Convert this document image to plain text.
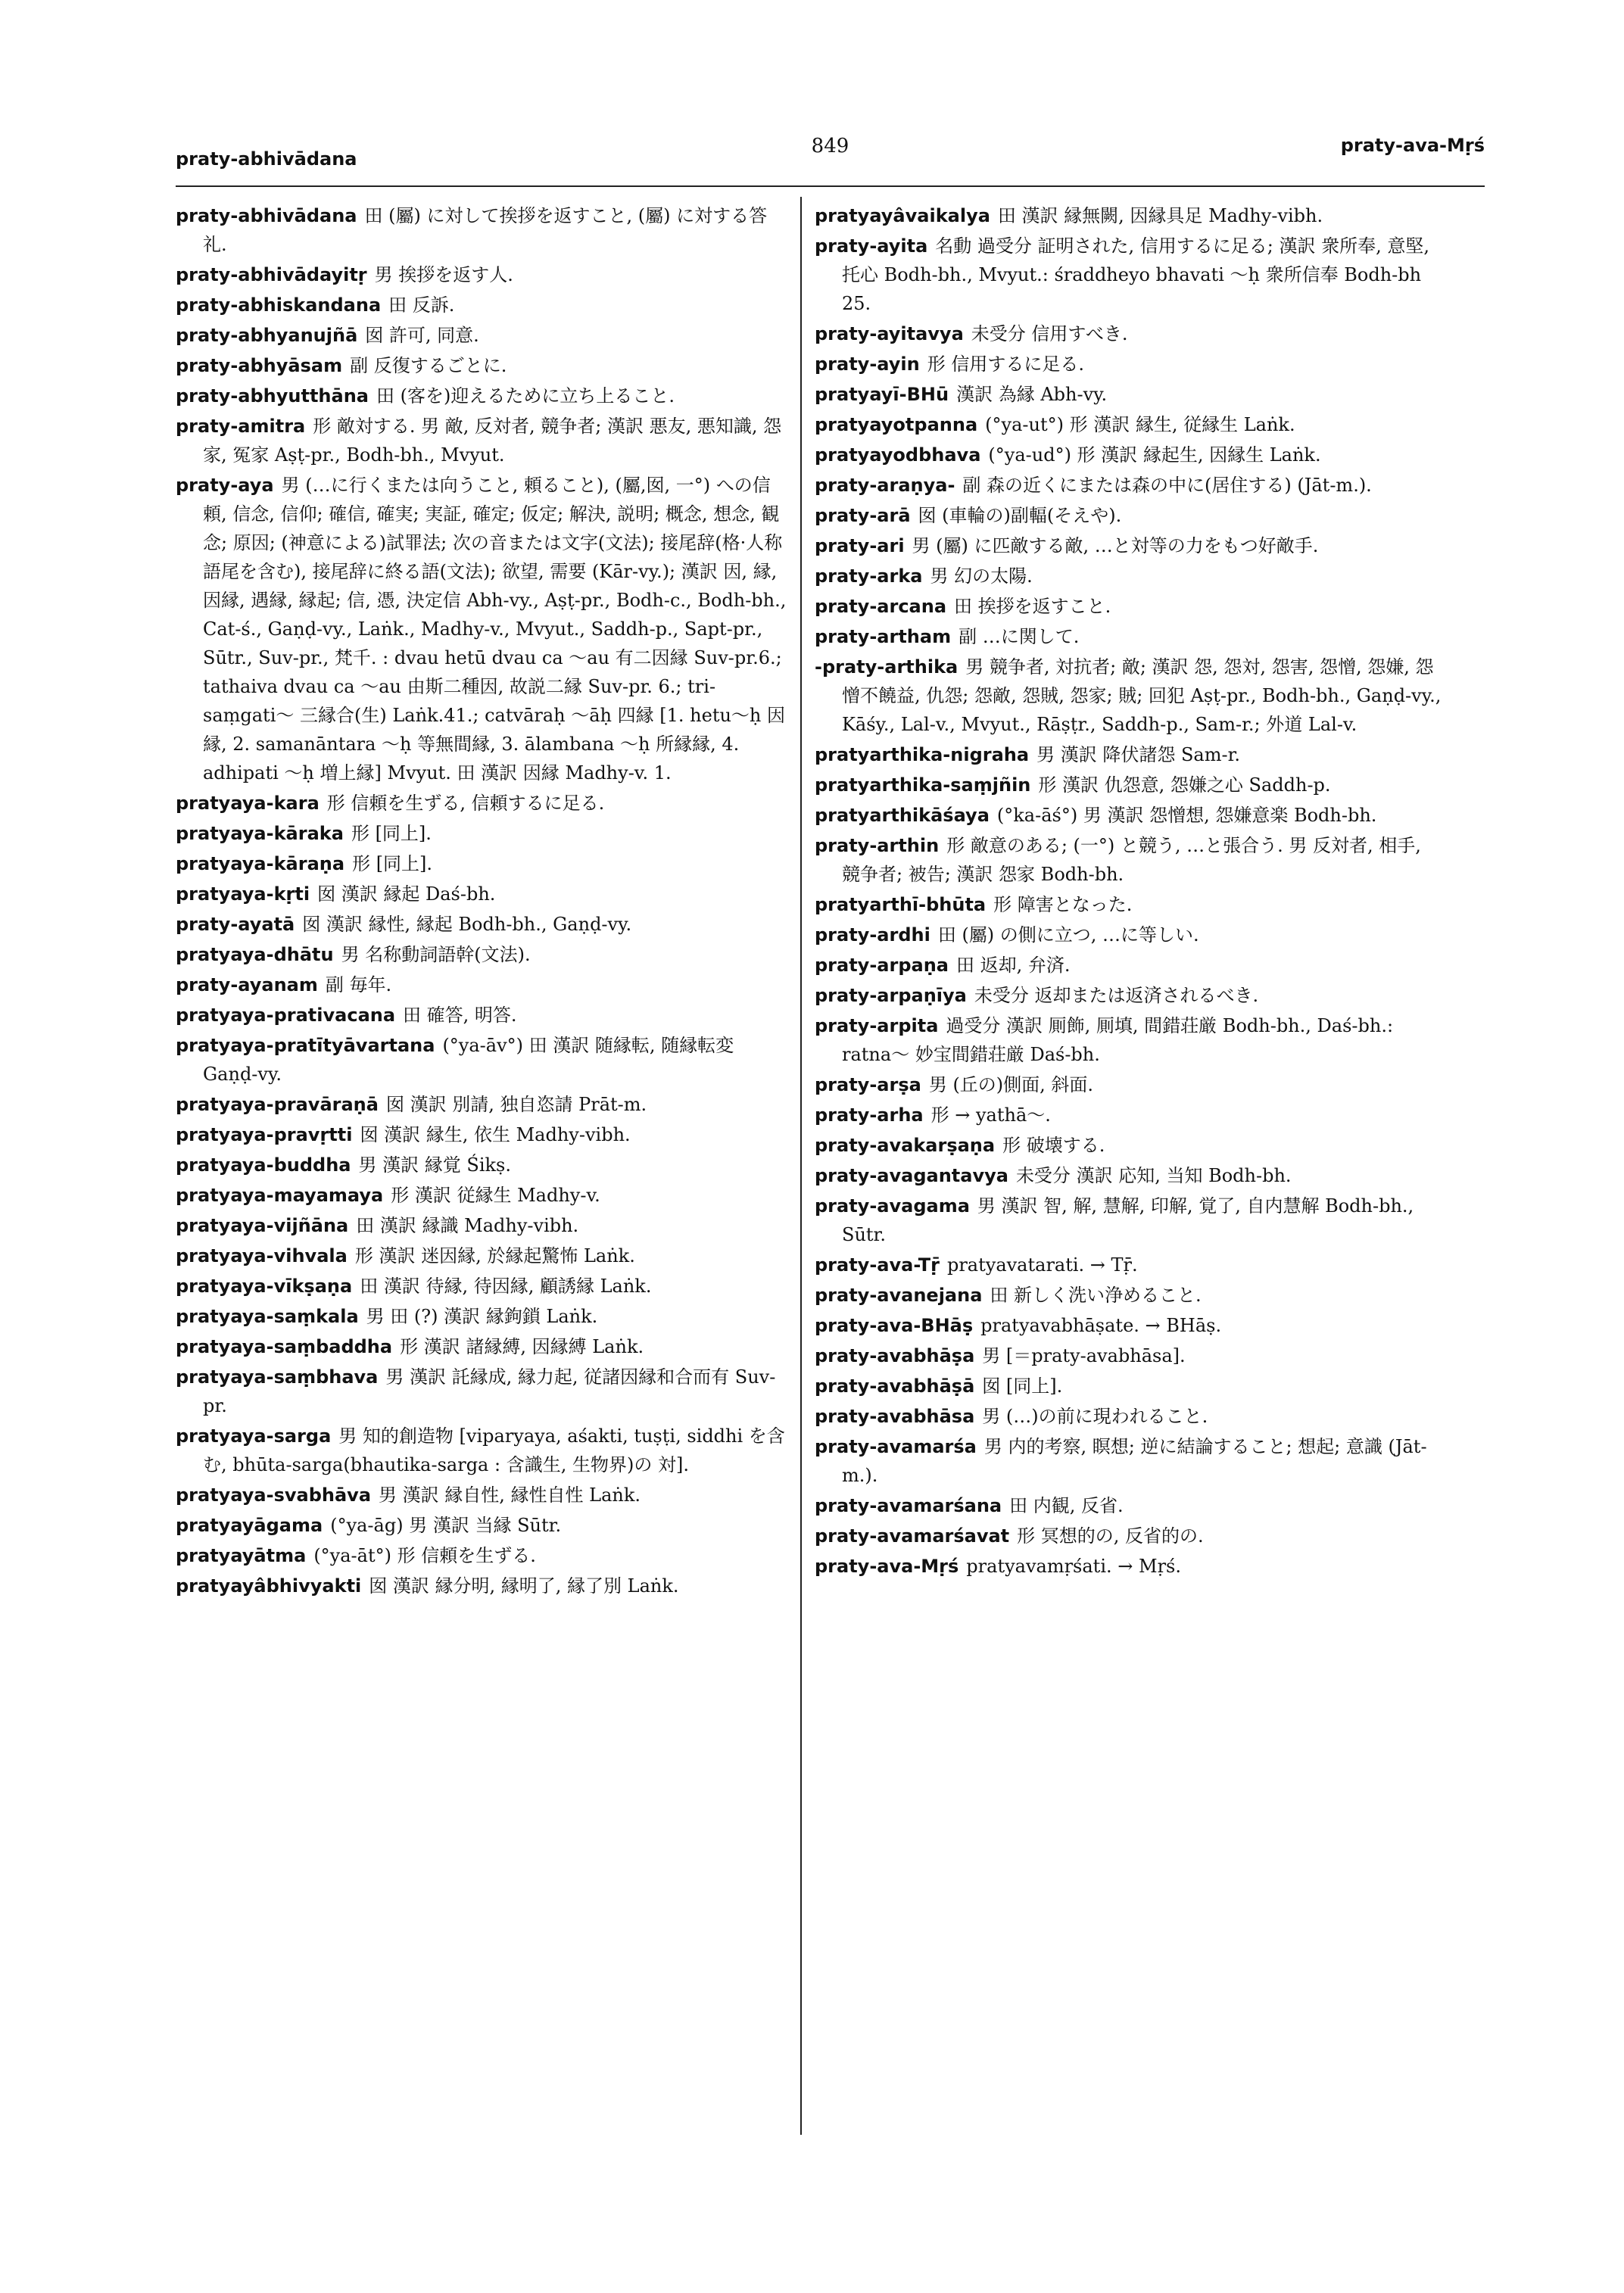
praty-abhivādana
849	praty-ava-Mṛś
praty-abhivādana 田 (屬) に対して挨拶を返すこと, (屬) に対する答礼.
praty-abhivādayitṛ 男 挨拶を返す人.
praty-abhiskandana 田 反訴.
praty-abhyanujñā 囡 許可, 同意.
praty-abhyāsam 副 反復するごとに.
praty-abhyutthāna 田 (客を)迎えるために立ち上ること.
praty-amitra 形 敵対する. 男 敵, 反対者, 競争者; 漢訳 悪友, 悪知識, 怨家, 冤家 Aṣṭ-pr., Bodh-bh., Mvyut.
praty-aya 男 (…に行くまたは向うこと, 頼ること), (屬,囡, 一°) への信頼, 信念, 信仰; 確信, 確実; 実証, 確定; 仮定; 解決, 説明; 概念, 想念, 観念; 原因; (神意による)試罪法; 次の音または文字(文法); 接尾辞(格·人称語尾を含む), 接尾辞に終る語(文法); 欲望, 需要 (Kār-vy.); 漢訳 因, 縁, 因縁, 遇縁, 縁起; 信, 憑, 決定信 Abh-vy., Aṣṭ-pr., Bodh-c., Bodh-bh., Cat-ś., Gaṇḍ-vy., Laṅk., Madhy-v., Mvyut., Saddh-p., Sapt-pr., Sūtr., Suv-pr., 梵千. : dvau hetū dvau ca ～au 有二因縁 Suv-pr.6.; tathaiva dvau ca ～au 由斯二種因, 故説二縁 Suv-pr. 6.; tri-saṃgati～ 三縁合(生) Laṅk.41.; catvāraḥ ～āḥ 四縁 [1. hetu～ḥ 因縁, 2. samanāntara ～ḥ 等無間縁, 3. ālambana ～ḥ 所縁縁, 4. adhipati ～ḥ 増上縁] Mvyut. 田 漢訳 因縁 Madhy-v. 1.
pratyaya-kara 形 信頼を生ずる, 信頼するに足る.
pratyaya-kāraka 形 [同上].
pratyaya-kāraṇa 形 [同上].
pratyaya-kṛti 囡 漢訳 縁起 Daś-bh.
praty-ayatā 囡 漢訳 縁性, 縁起 Bodh-bh., Gaṇḍ-vy.
pratyaya-dhātu 男 名称動詞語幹(文法).
praty-ayanam 副 毎年.
pratyaya-prativacana 田 確答, 明答.
pratyaya-pratītyāvartana (°ya-āv°) 田 漢訳 随縁転, 随縁転変 Gaṇḍ-vy.
pratyaya-pravāraṇā 囡 漢訳 別請, 独自恣請 Prāt-m.
pratyaya-pravṛtti 囡 漢訳 縁生, 依生 Madhy-vibh.
pratyaya-buddha 男 漢訳 縁覚 Śikṣ.
pratyaya-mayamaya 形 漢訳 従縁生 Madhy-v.
pratyaya-vijñāna 田 漢訳 縁識 Madhy-vibh.
pratyaya-vihvala 形 漢訳 迷因縁, 於縁起驚怖 Laṅk.
pratyaya-vīkṣaṇa 田 漢訳 待縁, 待因縁, 顧誘縁 Laṅk.
pratyaya-saṃkala 男 田 (?) 漢訳 縁鉤鎖 Laṅk.
pratyaya-saṃbaddha 形 漢訳 諸縁縛, 因縁縛 Laṅk.
pratyaya-saṃbhava 男 漢訳 託縁成, 縁力起, 従諸因縁和合而有 Suv-pr.
pratyaya-sarga 男 知的創造物 [viparyaya, aśakti, tuṣṭi, siddhi を含む, bhūta-sarga(bhautika-sarga : 含識生, 生物界)の 対].
pratyaya-svabhāva 男 漢訳 縁自性, 縁性自性 Laṅk.
pratyayāgama (°ya-āg) 男 漢訳 当縁 Sūtr.
pratyayātma (°ya-āt°) 形 信頼を生ずる.
pratyayâbhivyakti 囡 漢訳 縁分明, 縁明了, 縁了別 Laṅk.
pratyayâvaikalya 田 漢訳 縁無闕, 因縁具足 Madhy-vibh.
praty-ayita 名動 過受分 証明された, 信用するに足る; 漢訳 衆所奉, 意堅, 托心 Bodh-bh., Mvyut.: śraddheyo bhavati ～ḥ 衆所信奉 Bodh-bh 25.
praty-ayitavya 未受分 信用すべき.
praty-ayin 形 信用するに足る.
pratyayī-BHū 漢訳 為縁 Abh-vy.
pratyayotpanna (°ya-ut°) 形 漢訳 縁生, 従縁生 Laṅk.
pratyayodbhava (°ya-ud°) 形 漢訳 縁起生, 因縁生 Laṅk.
praty-araṇya- 副 森の近くにまたは森の中に(居住する) (Jāt-m.).
praty-arā 囡 (車輪の)副輻(そえや).
praty-ari 男 (屬) に匹敵する敵, …と対等の力をもつ好敵手.
praty-arka 男 幻の太陽.
praty-arcana 田 挨拶を返すこと.
praty-artham 副 …に関して.
-praty-arthika 男 競争者, 対抗者; 敵; 漢訳 怨, 怨対, 怨害, 怨憎, 怨嫌, 怨憎不饒益, 仇怨; 怨敵, 怨賊, 怨家; 賊; 回犯 Aṣṭ-pr., Bodh-bh., Gaṇḍ-vy., Kāśy., Lal-v., Mvyut., Rāṣṭr., Saddh-p., Sam-r.; 外道 Lal-v.
pratyarthika-nigraha 男 漢訳 降伏諸怨 Sam-r.
pratyarthika-saṃjñin 形 漢訳 仇怨意, 怨嫌之心 Saddh-p.
pratyarthikāśaya (°ka-āś°) 男 漢訳 怨憎想, 怨嫌意楽 Bodh-bh.
praty-arthin 形 敵意のある; (一°) と競う, …と張合う. 男 反対者, 相手, 競争者; 被告; 漢訳 怨家 Bodh-bh.
pratyarthī-bhūta 形 障害となった.
praty-ardhi 田 (屬) の側に立つ, …に等しい.
praty-arpaṇa 田 返却, 弁済.
praty-arpaṇīya 未受分 返却または返済されるべき.
praty-arpita 過受分 漢訳 厠飾, 厠填, 間錯荘厳 Bodh-bh., Daś-bh.: ratna～ 妙宝間錯荘厳 Daś-bh.
praty-arṣa 男 (丘の)側面, 斜面.
praty-arha 形 → yathā～.
praty-avakarṣaṇa 形 破壊する.
praty-avagantavya 未受分 漢訳 応知, 当知 Bodh-bh.
praty-avagama 男 漢訳 智, 解, 慧解, 印解, 覚了, 自内慧解 Bodh-bh., Sūtr.
praty-ava-Tṝ pratyavatarati. → Tṝ.
praty-avanejana 田 新しく洗い浄めること.
praty-ava-BHāṣ pratyavabhāṣate. → BHāṣ.
praty-avabhāṣa 男 [＝praty-avabhāsa].
praty-avabhāṣā 囡 [同上].
praty-avabhāsa 男 (…)の前に現われること.
praty-avamarśa 男 内的考察, 瞑想; 逆に結論すること; 想起; 意識 (Jāt-m.).
praty-avamarśana 田 内観, 反省.
praty-avamarśavat 形 冥想的の, 反省的の.
praty-ava-Mṛś pratyavamṛśati. → Mṛś.
